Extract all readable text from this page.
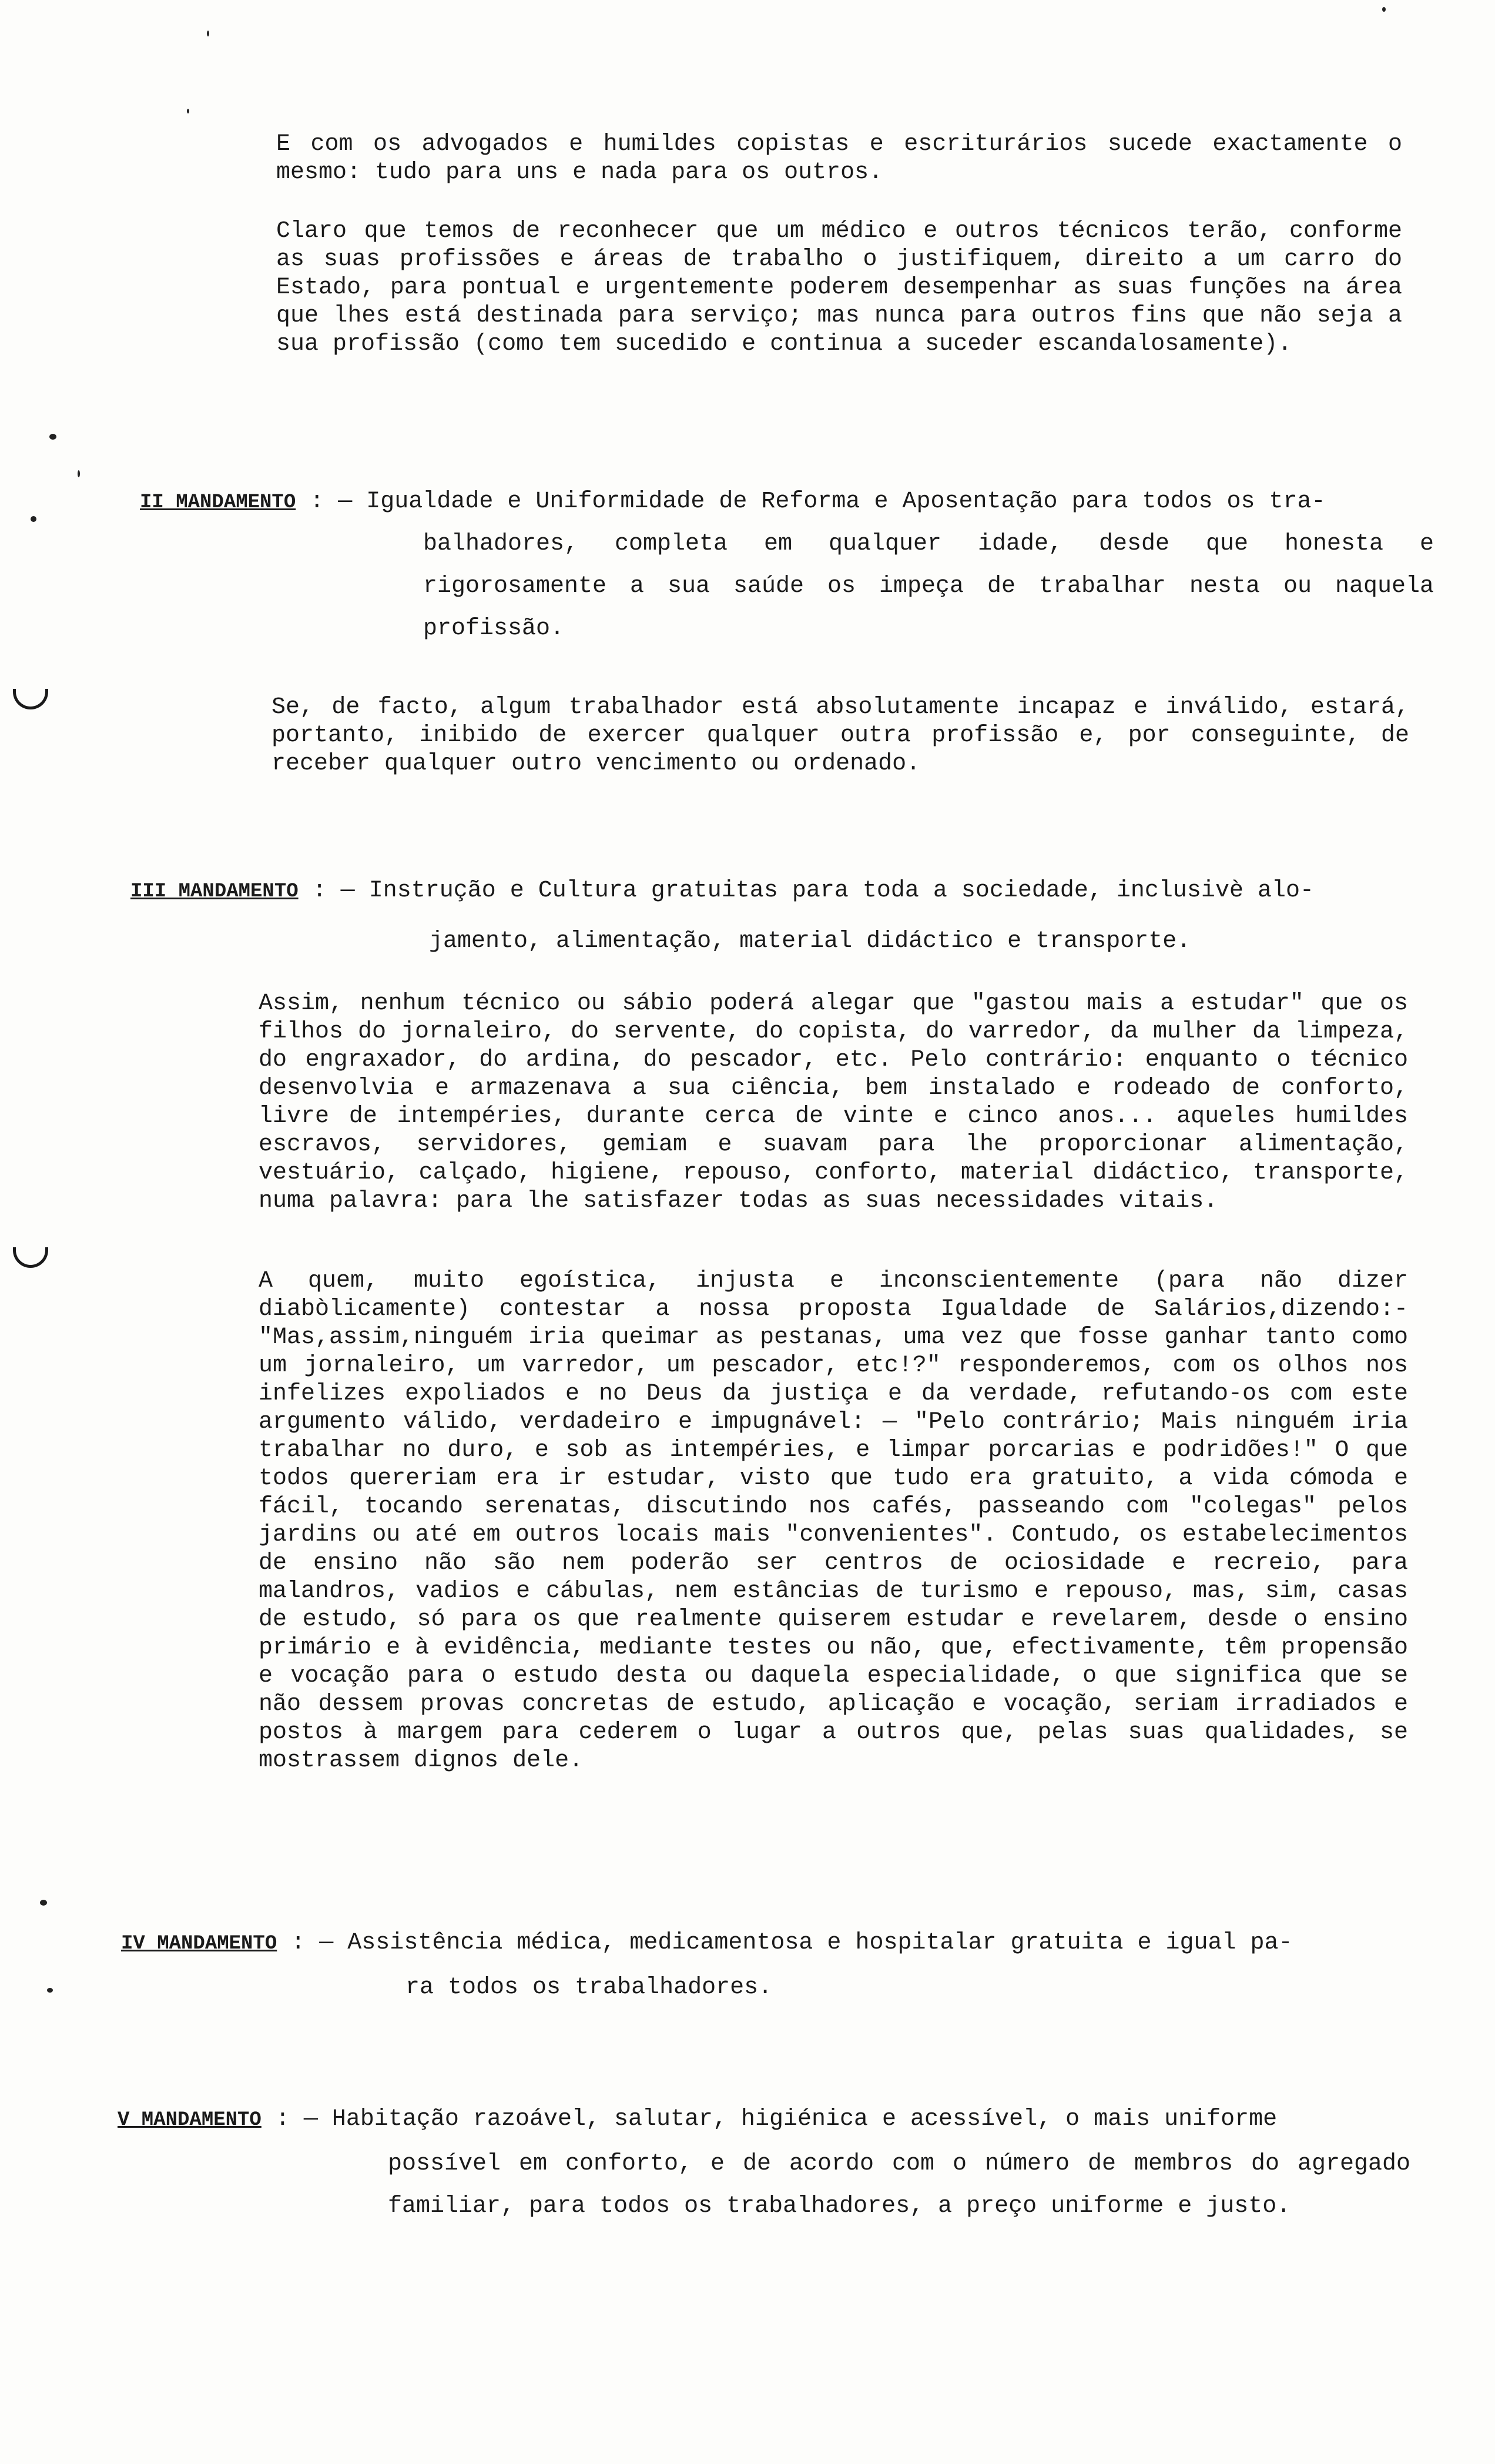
E com os advogados e humildes copistas e escriturários sucede exactamente o mesmo: tudo para uns e nada para os outros.

Claro que temos de reconhecer que um médico e outros técnicos terão, conforme as suas profissões e áreas de trabalho o justifiquem, direito a um carro do Estado, para pontual e urgentemente poderem desempenhar as suas funções na área que lhes está destinada para serviço; mas nunca para outros fins que não seja a sua profissão (como tem sucedido e continua a suceder escandalosamente).

II MANDAMENTO : — Igualdade e Uniformidade de Reforma e Aposentação para todos os tra-

balhadores, completa em qualquer idade, desde que honesta e rigorosamente a sua saúde os impeça de trabalhar nesta ou naquela profissão.

Se, de facto, algum trabalhador está absolutamente incapaz e inválido, estará, portanto, inibido de exercer qualquer outra profissão e, por conseguinte, de receber qualquer outro vencimento ou ordenado.

III MANDAMENTO : — Instrução e Cultura gratuitas para toda a sociedade, inclusivè alo-

jamento, alimentação, material didáctico e transporte.

Assim, nenhum técnico ou sábio poderá alegar que "gastou mais a estudar" que os filhos do jornaleiro, do servente, do copista, do varredor, da mulher da limpeza, do engraxador, do ardina, do pescador, etc. Pelo contrário: enquanto o técnico desenvolvia e armazenava a sua ciência, bem instalado e rodeado de conforto, livre de intempéries, durante cerca de vinte e cinco anos... aqueles humildes escravos, servidores, gemiam e suavam para lhe proporcionar alimentação, vestuário, calçado, higiene, repouso, conforto, material didáctico, transporte, numa palavra: para lhe satisfazer todas as suas necessidades vitais.

A quem, muito egoística, injusta e inconscientemente (para não dizer diabòlicamente) contestar a nossa proposta Igualdade de Salários,dizendo:-"Mas,assim,ninguém iria queimar as pestanas, uma vez que fosse ganhar tanto como um jornaleiro, um varredor, um pescador, etc!?" responderemos, com os olhos nos infelizes expoliados e no Deus da justiça e da verdade, refutando-os com este argumento válido, verdadeiro e impugnável: — "Pelo contrário; Mais ninguém iria trabalhar no duro, e sob as intempéries, e limpar porcarias e podridões!" O que todos quereriam era ir estudar, visto que tudo era gratuito, a vida cómoda e fácil, tocando serenatas, discutindo nos cafés, passeando com "colegas" pelos jardins ou até em outros locais mais "convenientes". Contudo, os estabelecimentos de ensino não são nem poderão ser centros de ociosidade e recreio, para malandros, vadios e cábulas, nem estâncias de turismo e repouso, mas, sim, casas de estudo, só para os que realmente quiserem estudar e revelarem, desde o ensino primário e à evidência, mediante testes ou não, que, efectivamente, têm propensão e vocação para o estudo desta ou daquela especialidade, o que significa que se não dessem provas concretas de estudo, aplicação e vocação, seriam irradiados e postos à margem para cederem o lugar a outros que, pelas suas qualidades, se mostrassem dignos dele.

IV MANDAMENTO : — Assistência médica, medicamentosa e hospitalar gratuita e igual pa-

ra todos os trabalhadores.

V MANDAMENTO : — Habitação razoável, salutar, higiénica e acessível, o mais uniforme

possível em conforto, e de acordo com o número de membros do agregado familiar, para todos os trabalhadores, a preço uniforme e justo.
